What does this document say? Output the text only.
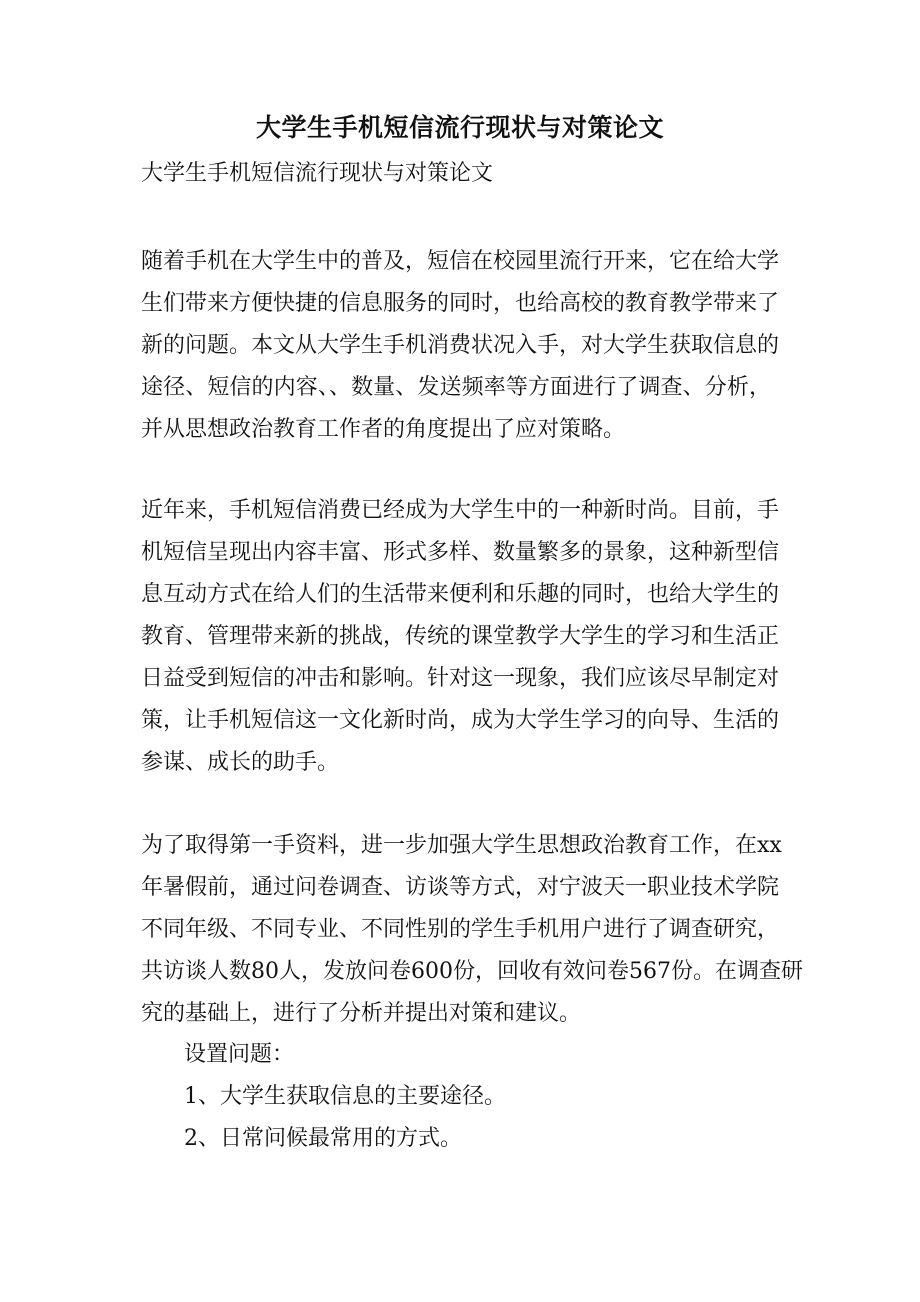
大学生手机短信流行现状与对策论文
大学生手机短信流行现状与对策论文
随着手机在大学生中的普及，短信在校园里流行开来，它在给大学
生们带来方便快捷的信息服务的同时，也给高校的教育教学带来了
新的问题。本文从大学生手机消费状况入手，对大学生获取信息的
途径、短信的内容、、数量、发送频率等方面进行了调查、分析，
并从思想政治教育工作者的角度提出了应对策略。
近年来，手机短信消费已经成为大学生中的一种新时尚。目前，手
机短信呈现出内容丰富、形式多样、数量繁多的景象，这种新型信
息互动方式在给人们的生活带来便利和乐趣的同时，也给大学生的
教育、管理带来新的挑战，传统的课堂教学大学生的学习和生活正
日益受到短信的冲击和影响。针对这一现象，我们应该尽早制定对
策，让手机短信这一文化新时尚，成为大学生学习的向导、生活的
参谋、成长的助手。
为了取得第一手资料，进一步加强大学生思想政治教育工作，在xx
年暑假前，通过问卷调查、访谈等方式，对宁波天一职业技术学院
不同年级、不同专业、不同性别的学生手机用户进行了调查研究，
共访谈人数80人，发放问卷600份，回收有效问卷567份。在调查研
究的基础上，进行了分析并提出对策和建议。
设置问题：
1、大学生获取信息的主要途径。
2、日常问候最常用的方式。
